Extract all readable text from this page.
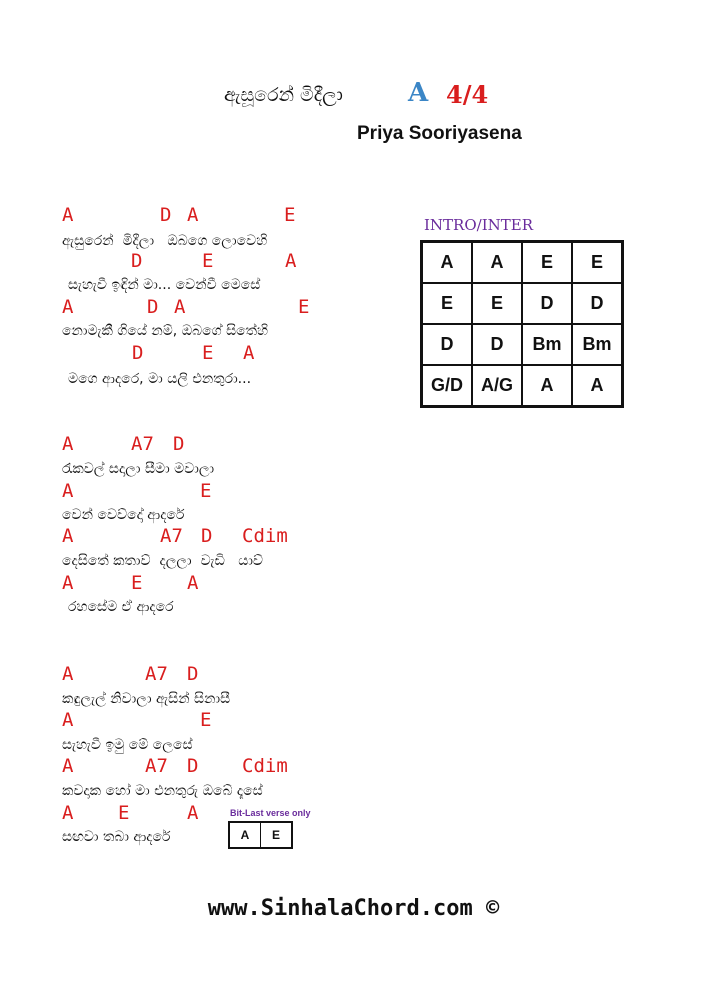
ඇසූරෙන් මිදීලා	A 4/4
Priya Sooriyasena
A	D A	E
ඇසුරෙන්  මිදීලා   ඔබගෙ ලොවෙහි
D	E	A
සැහැවී ඉඳින් මා... වෙන්වී මෙසේ
A	D A	E
නොමැකී ගියේ නම්, ඔබගේ සිතේහි
D	E A
මගෙ ආදරෙ, මා යලි එනතුරා...
INTRO/INTER
A	A	E	E
E	E	D	D
D	D	Bm	Bm
G/D	A/G	A	A
A	A7 D
රැකවල් සදාලා සීමා මවාලා
A	E
වෙන් වෙව්දෝ ආදරේ
A	A7 D Cdim
දෙසිතේ කතාව්  දලලා  වැඩි   යාව්
A	E A
රහසේම ඒ ආදරෙ
A	A7 D
කඳුලැල් නිවාලා ඇසින් සිනාසී
A	E
සැහැවී ඉමු මේ ලෙසේ
A	A7 D Cdim
කවදාක හෝ මා එනතුරු ඔබේ දෑසේ
A E	A
සඟවා තබා ආදරේ
Bit-Last verse only
A	E
www.SinhalaChord.com ©
